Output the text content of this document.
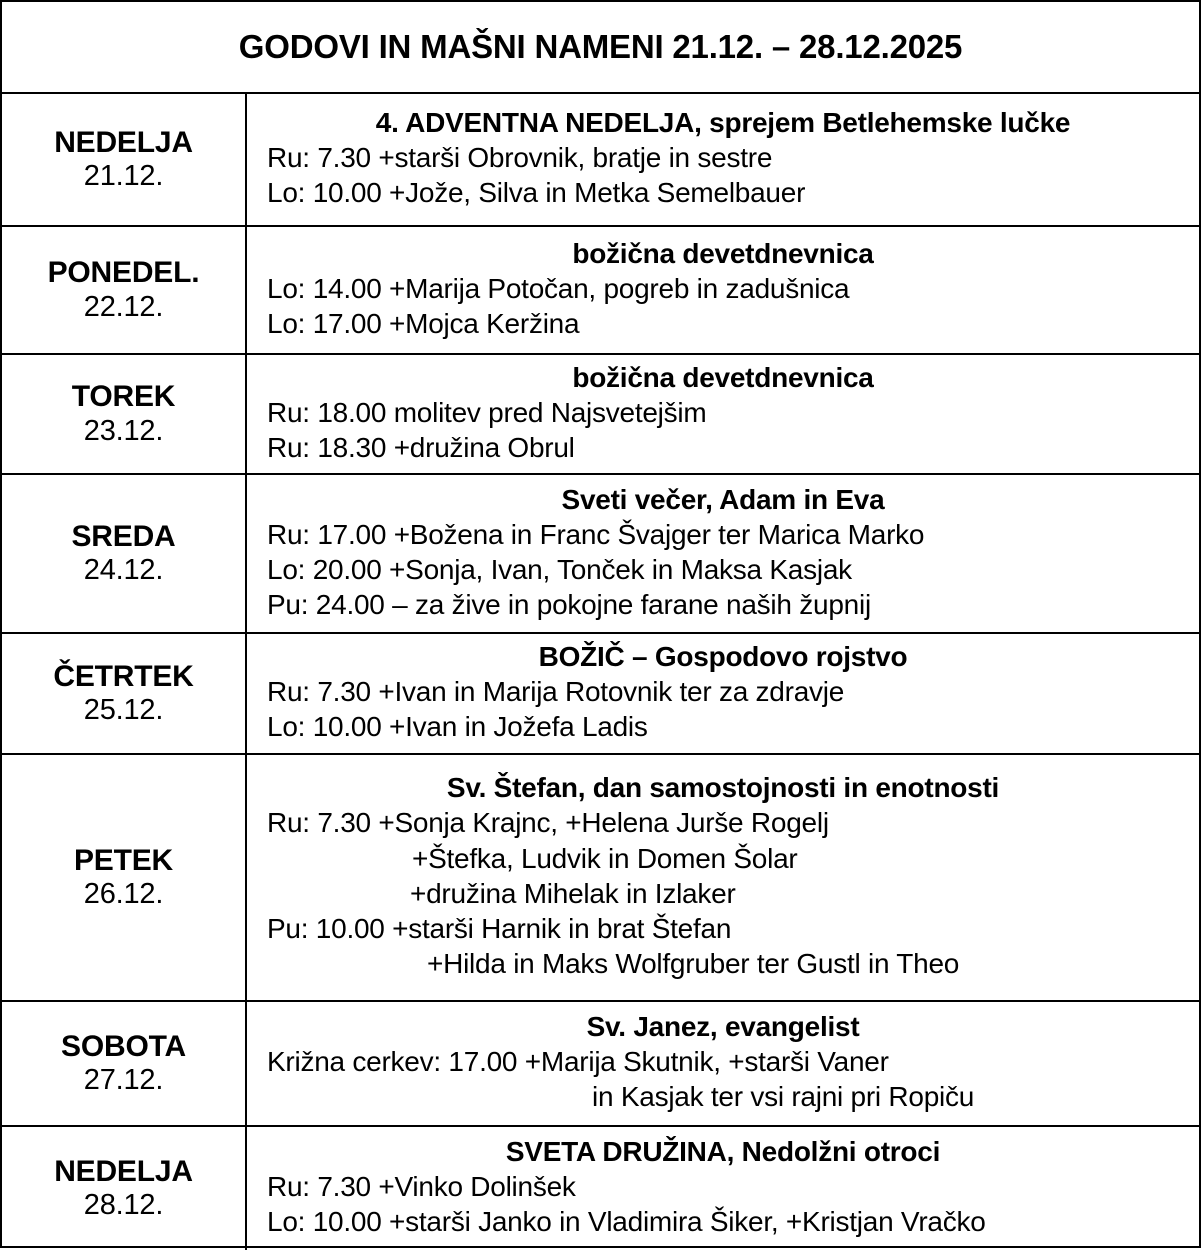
GODOVI IN MAŠNI NAMENI 21.12. – 28.12.2025
NEDELJA
21.12.
4. ADVENTNA NEDELJA, sprejem Betlehemske lučke
Ru: 7.30 +starši Obrovnik, bratje in sestre
Lo: 10.00 +Jože, Silva in Metka Semelbauer
PONEDEL.
22.12.
božična devetdnevnica
Lo: 14.00 +Marija Potočan, pogreb in zadušnica
Lo: 17.00 +Mojca Keržina
TOREK
23.12.
božična devetdnevnica
Ru: 18.00 molitev pred Najsvetejšim
Ru: 18.30 +družina Obrul
SREDA
24.12.
Sveti večer, Adam in Eva
Ru: 17.00 +Božena in Franc Švajger ter Marica Marko
Lo: 20.00 +Sonja, Ivan, Tonček in Maksa Kasjak
Pu: 24.00 – za žive in pokojne farane naših župnij
ČETRTEK
25.12.
BOŽIČ – Gospodovo rojstvo
Ru: 7.30 +Ivan in Marija Rotovnik ter za zdravje
Lo: 10.00 +Ivan in Jožefa Ladis
PETEK
26.12.
Sv. Štefan, dan samostojnosti in enotnosti
Ru: 7.30 +Sonja Krajnc, +Helena Jurše Rogelj
+Štefka, Ludvik in Domen Šolar
+družina Mihelak in Izlaker
Pu: 10.00 +starši Harnik in brat Štefan
+Hilda in Maks Wolfgruber ter Gustl in Theo
SOBOTA
27.12.
Sv. Janez, evangelist
Križna cerkev: 17.00 +Marija Skutnik, +starši Vaner
in Kasjak ter vsi rajni pri Ropiču
NEDELJA
28.12.
SVETA DRUŽINA, Nedolžni otroci
Ru: 7.30 +Vinko Dolinšek
Lo: 10.00 +starši Janko in Vladimira Šiker, +Kristjan Vračko
